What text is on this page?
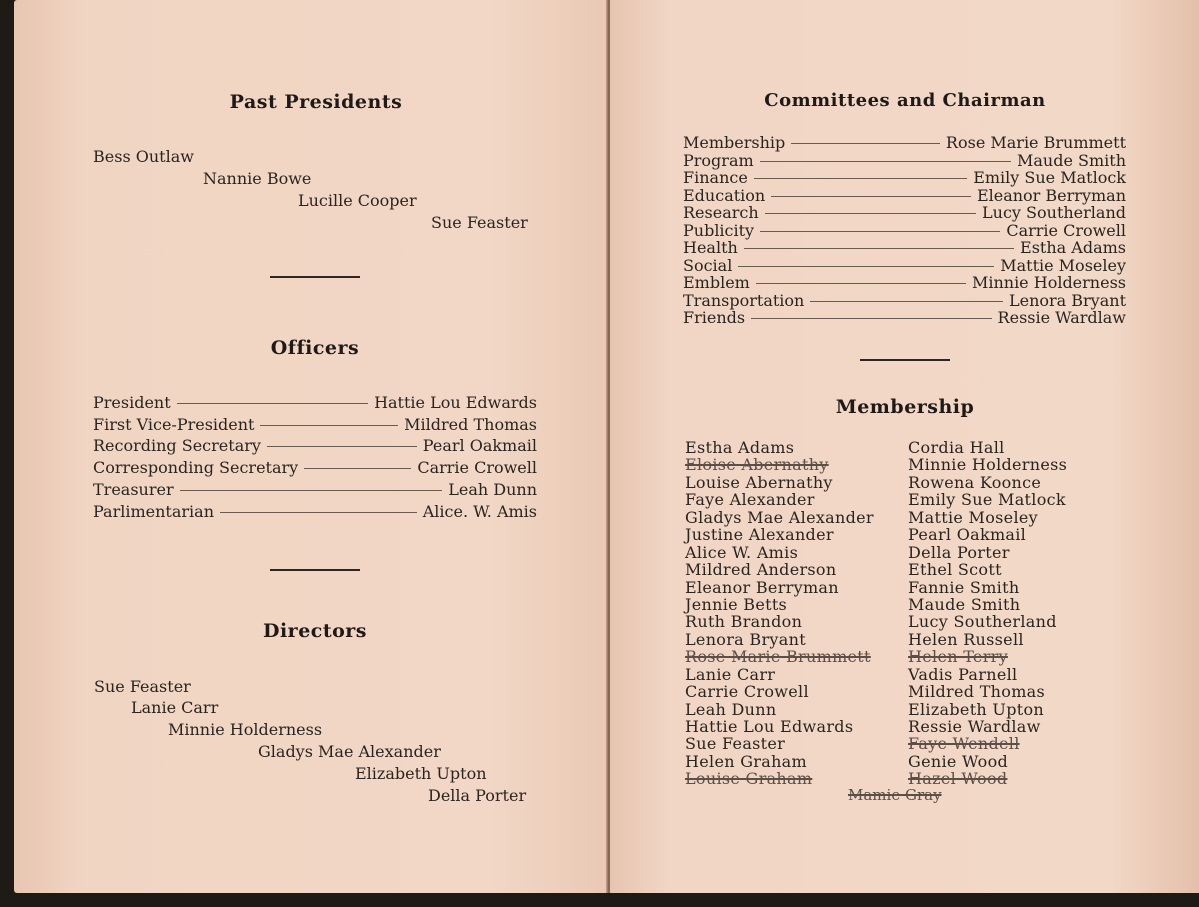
Past Presidents
Bess Outlaw
Nannie Bowe
Lucille Cooper
Sue Feaster
Officers
President	Hattie Lou Edwards
First Vice-President	Mildred Thomas
Recording Secretary	Pearl Oakmail
Corresponding Secretary	Carrie Crowell
Treasurer	Leah Dunn
Parlimentarian	Alice. W. Amis
Directors
Sue Feaster
Lanie Carr
Minnie Holderness
Gladys Mae Alexander
Elizabeth Upton
Della Porter
Committees and Chairman
Membership	Rose Marie Brummett
Program	Maude Smith
Finance	Emily Sue Matlock
Education	Eleanor Berryman
Research	Lucy Southerland
Publicity	Carrie Crowell
Health	Estha Adams
Social	Mattie Moseley
Emblem	Minnie Holderness
Transportation	Lenora Bryant
Friends	Ressie Wardlaw
Membership
Estha Adams
Eloise Abernathy
Louise Abernathy
Faye Alexander
Gladys Mae Alexander
Justine Alexander
Alice W. Amis
Mildred Anderson
Eleanor Berryman
Jennie Betts
Ruth Brandon
Lenora Bryant
Rose Marie Brummett
Lanie Carr
Carrie Crowell
Leah Dunn
Hattie Lou Edwards
Sue Feaster
Helen Graham
Louise Graham
Cordia Hall
Minnie Holderness
Rowena Koonce
Emily Sue Matlock
Mattie Moseley
Pearl Oakmail
Della Porter
Ethel Scott
Fannie Smith
Maude Smith
Lucy Southerland
Helen Russell
Helen Terry
Vadis Parnell
Mildred Thomas
Elizabeth Upton
Ressie Wardlaw
Faye Wendell
Genie Wood
Hazel Wood
Mamie Gray
